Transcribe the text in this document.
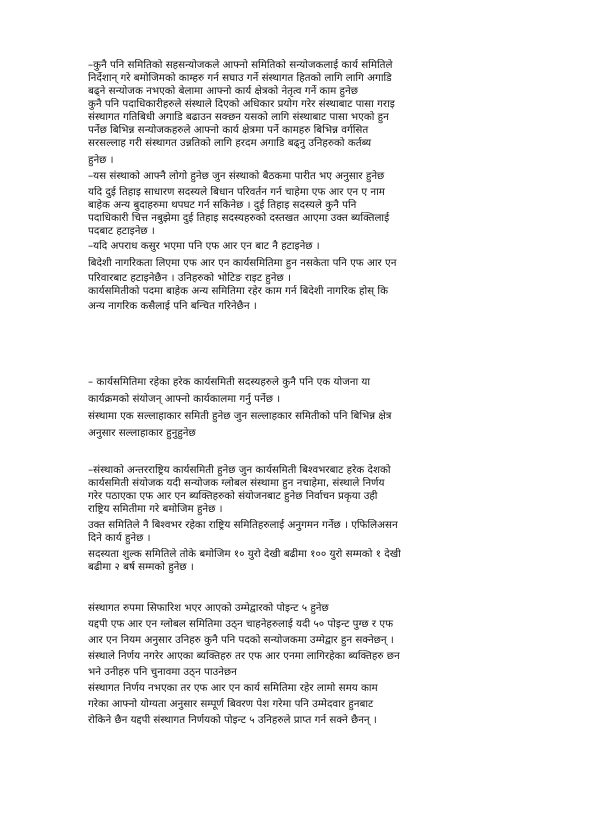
–कुनै पनि समितिको सहसन्योजकले आफ्नो समितिको सन्योजकलाई कार्य समितिले
निर्देशान् गरे बमोजिमको काम्हरु गर्न सघाउ गर्ने संस्थागत हितको लागि लागि अगाडि
बढ्ने सन्योजक नभएको बेलामा आफ्नो कार्य क्षेत्रको नेतृत्व गर्ने काम हुनेछ
कुनै पनि पदाधिकारीहरुले संस्थाले दिएको अधिकार प्रयोग गरेर संस्थाबाट पासा गराइ
संस्थागत गतिबिधी अगाडि बढाउन सक्छन यसको लागि संस्थाबाट पासा भएको हुन
पर्नेछ बिभिन्न सन्योजकहरुले आफ्नो कार्य क्षेत्रमा पर्ने कामहरु बिभिन्न वर्गसित
सरसल्लाह गरी संस्थागत उन्नतिको लागि हरदम अगाडि बढ्नु उनिहरुको कर्तब्य
हुनेछ ।
–यस संस्थाको आफ्नै लोगो हुनेछ जुन संस्थाको बैठकमा पारीत भए अनुसार हुनेछ
यदि दुई तिहाइ साधारण सदस्यले बिधान परिवर्तन गर्न चाहेमा एफ आर एन ए नाम
बाहेक अन्य बुदाहरुमा थपघट गर्न सकिनेछ । दुई तिहाइ सदस्यले कुनै पनि
पदाधिकारी चित्त नबुझेमा दुई तिहाइ सदस्यहरुको दस्तखत आएमा उक्त ब्यक्तिलाई
पदबाट हटाइनेछ ।
–यदि अपराध कसुर भएमा पनि एफ आर एन बाट नै हटाइनेछ ।
बिदेशी नागरिकता लिएमा एफ आर एन कार्यसमितिमा हुन नसकेता पनि एफ आर एन
परिवारबाट हटाइनेछैन । उनिहरुको भोटिङ राइट हुनेछ ।
कार्यसमितीको पदमा बाहेक अन्य समितिमा रहेर काम गर्न बिदेशी नागरिक होस् कि
अन्य नागरिक कसैलाई पनि बन्चित गरिनेछैन ।
– कार्यसमितिमा रहेका हरेक कार्यसमिती सदस्यहरुले कुनै पनि एक योजना या
कार्यक्रमको संयोजन् आफ्नो कार्यकालमा गर्नु पर्नेछ ।
संस्थामा एक सल्लाहाकार समिती हुनेछ जुन सल्लाहकार समितीको पनि बिभिन्न क्षेत्र
अनुसार सल्लाहाकार हुनुहुनेछ
–संस्थाको अन्तरराष्ट्रिय कार्यसमिती हुनेछ जुन कार्यसमिती बिश्वभरबाट हरेक देशको
कार्यसमिती संयोजक यदी सन्योजक ग्लोबल संस्थामा हुन नचाहेमा, संस्थाले निर्णय
गरेर पठाएका एफ आर एन ब्यक्तिहरुको संयोजनबाट हुनेछ निर्वाचन प्रकृया उही
राष्ट्रिय समितीमा गरे बमोजिम हुनेछ ।
उक्त समितिले नै बिश्वभर रहेका राष्ट्रिय समितिहरुलाई अनुगमन गर्नेछ । एफिलिअसन
दिने कार्य हुनेछ ।
सदस्यता शुल्क समितिले तोके बमोजिम १० युरो देखी बढीमा १०० युरो सम्मको १ देखी
बढीमा २ बर्ष सम्मको हुनेछ ।
संस्थागत रुपमा सिफारिश भएर आएको उम्मेद्वारको पोइन्ट ५ हुनेछ
यद्दपी एफ आर एन ग्लोबल समितिमा उठ्न चाहनेहरुलाई यदी ५० पोइन्ट पुग्छ र एफ
आर एन नियम अनुसार उनिहरु कुनै पनि पदको सन्योजकमा उम्मेद्वार हुन सक्नेछन् ।
संस्थाले निर्णय नगरेर आएका ब्यक्तिहरु तर एफ आर एनमा लागिरहेका ब्यक्तिहरु छन
भने उनीहरु पनि चुनावमा उठ्न पाउनेछन
संस्थागत निर्णय नभएका तर एफ आर एन कार्य समितिमा रहेर लामो समय काम
गरेका आफ्नो योग्यता अनुसार सम्पूर्ण बिवरण पेश गरेमा पनि उम्मेदवार हुनबाट
रोकिने छैन यद्दपी संस्थागत निर्णयको पोइन्ट ५ उनिहरुले प्राप्त गर्न सक्ने छैनन् ।
